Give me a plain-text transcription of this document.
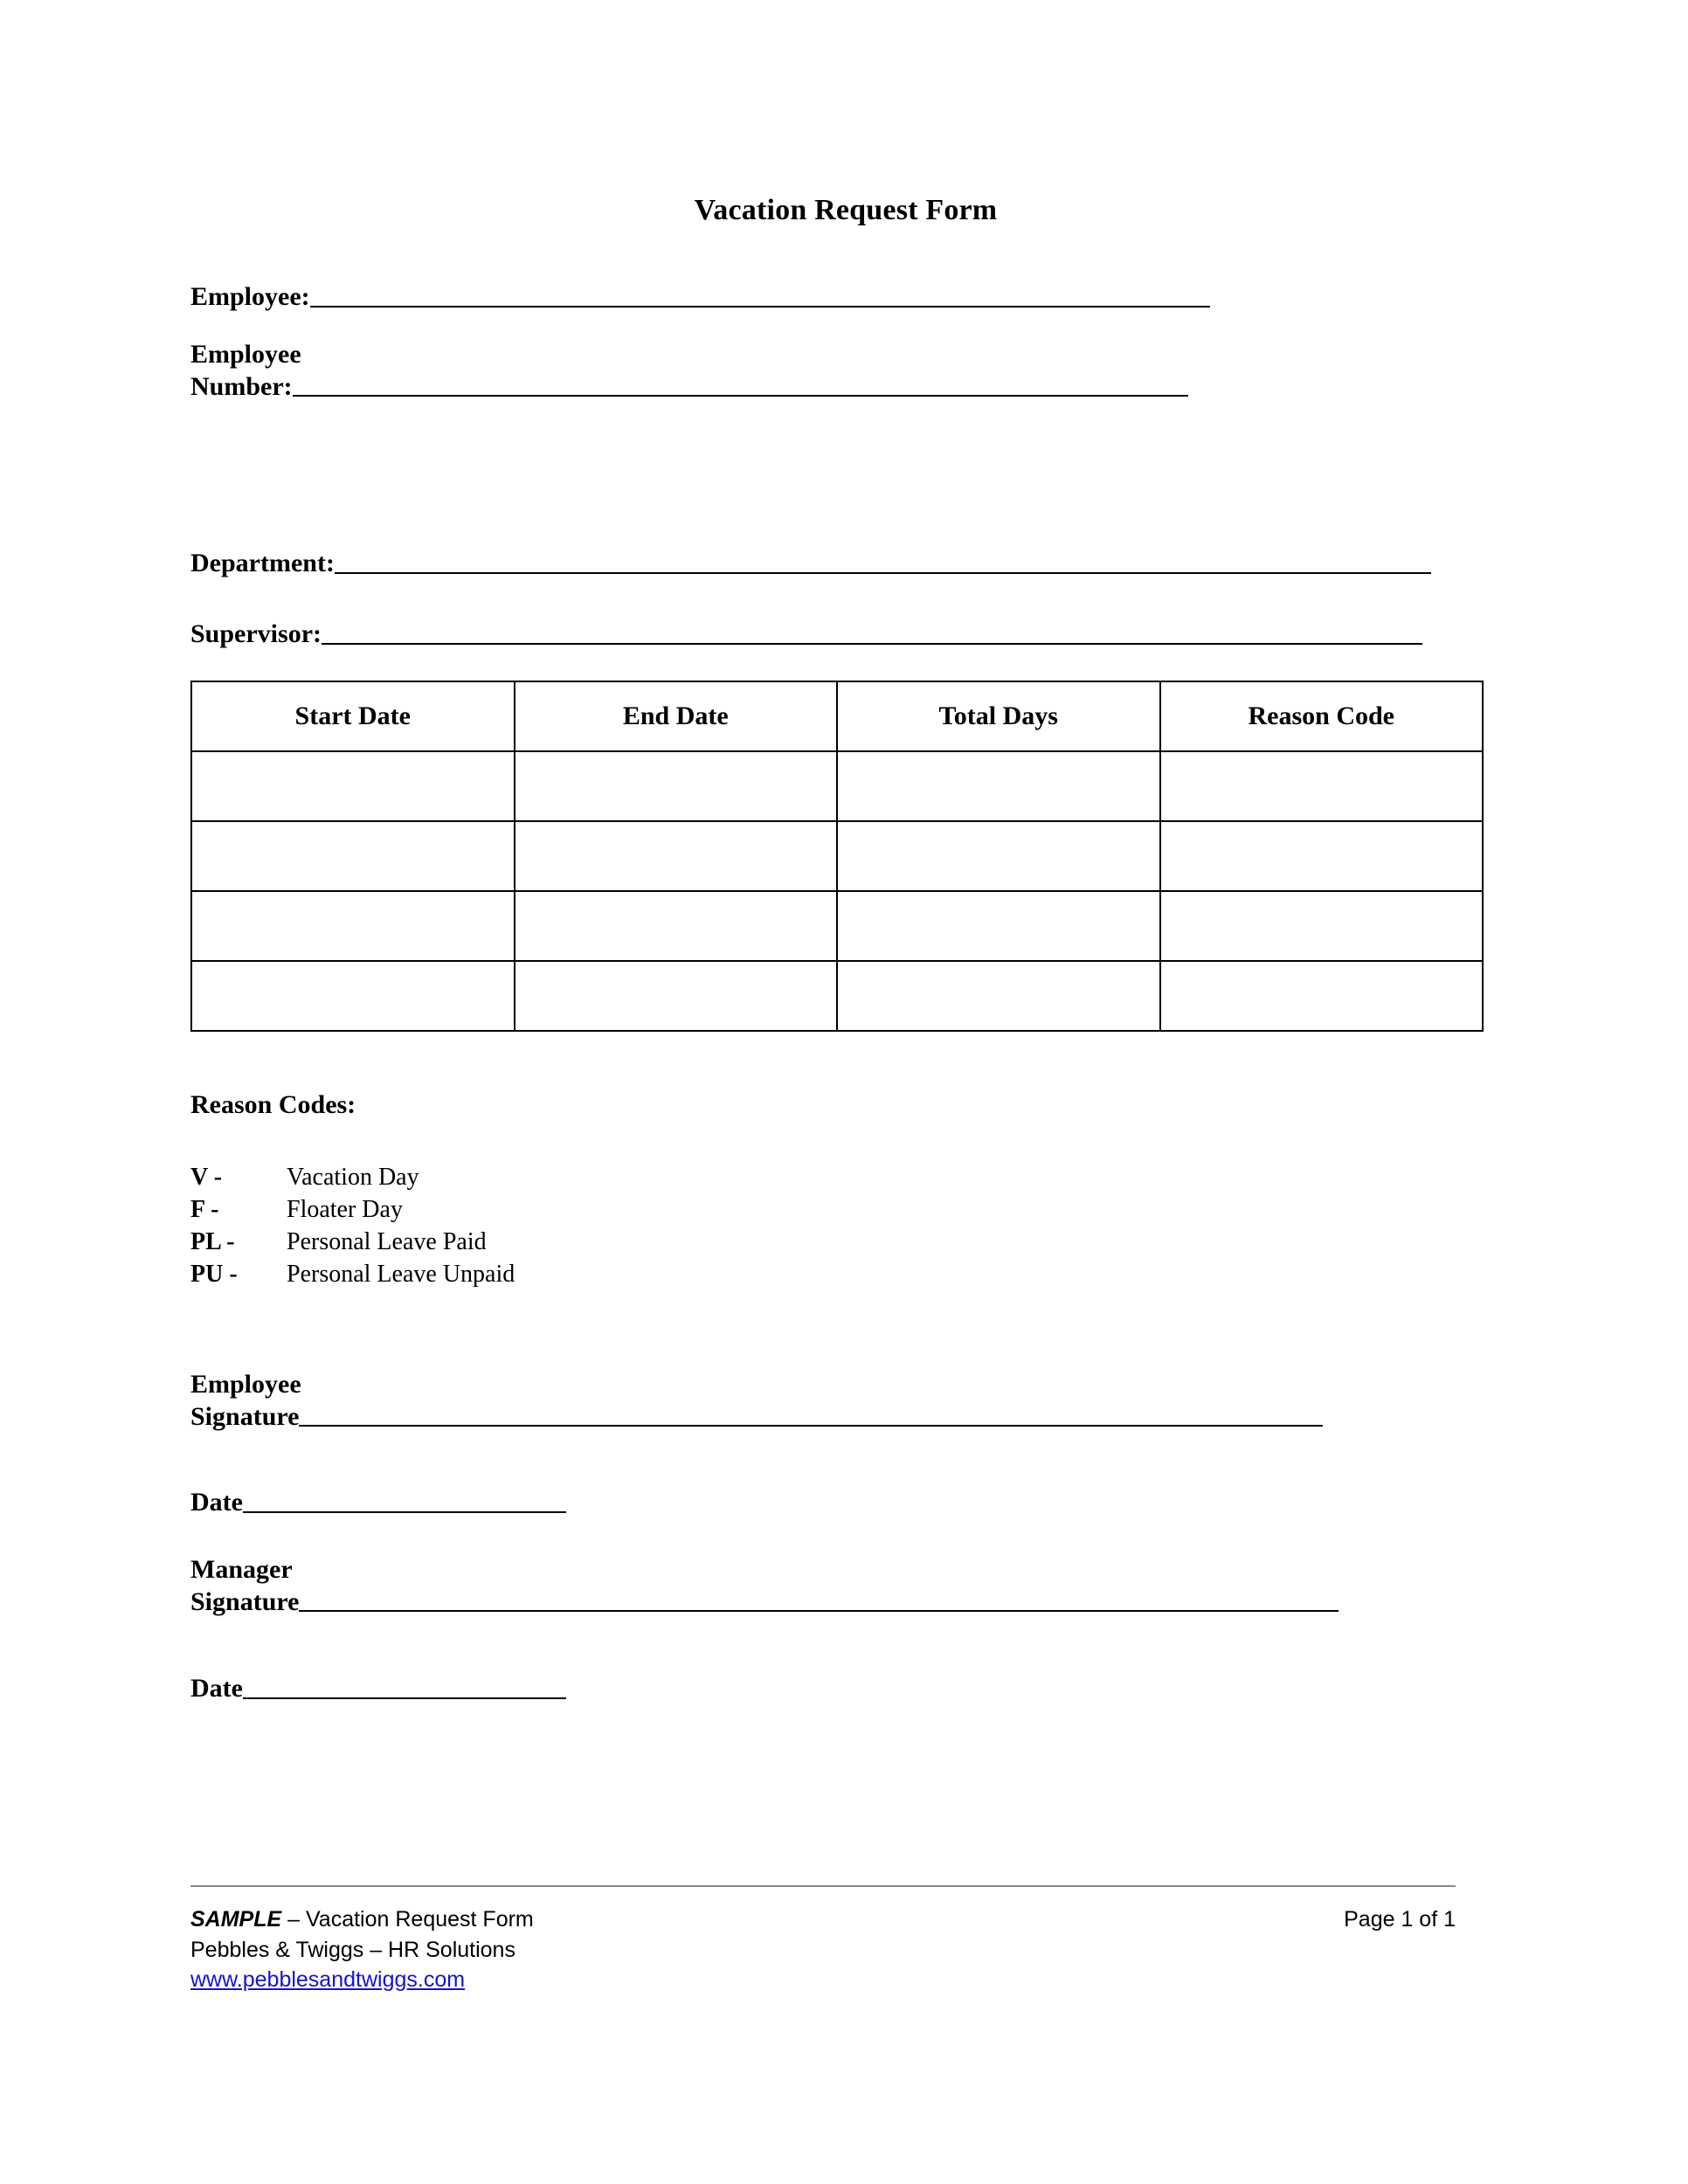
Vacation Request Form
Employee:
Employee
Number:
Department:
Supervisor:
Start Date	End Date	Total Days	Reason Code

Reason Codes:
V -	Vacation Day
F -	Floater Day
PL -	Personal Leave Paid
PU -	Personal Leave Unpaid
Employee
Signature
Date
Manager
Signature
Date
SAMPLE – Vacation Request Form	Page 1 of 1
Pebbles & Twiggs – HR Solutions
www.pebblesandtwiggs.com
